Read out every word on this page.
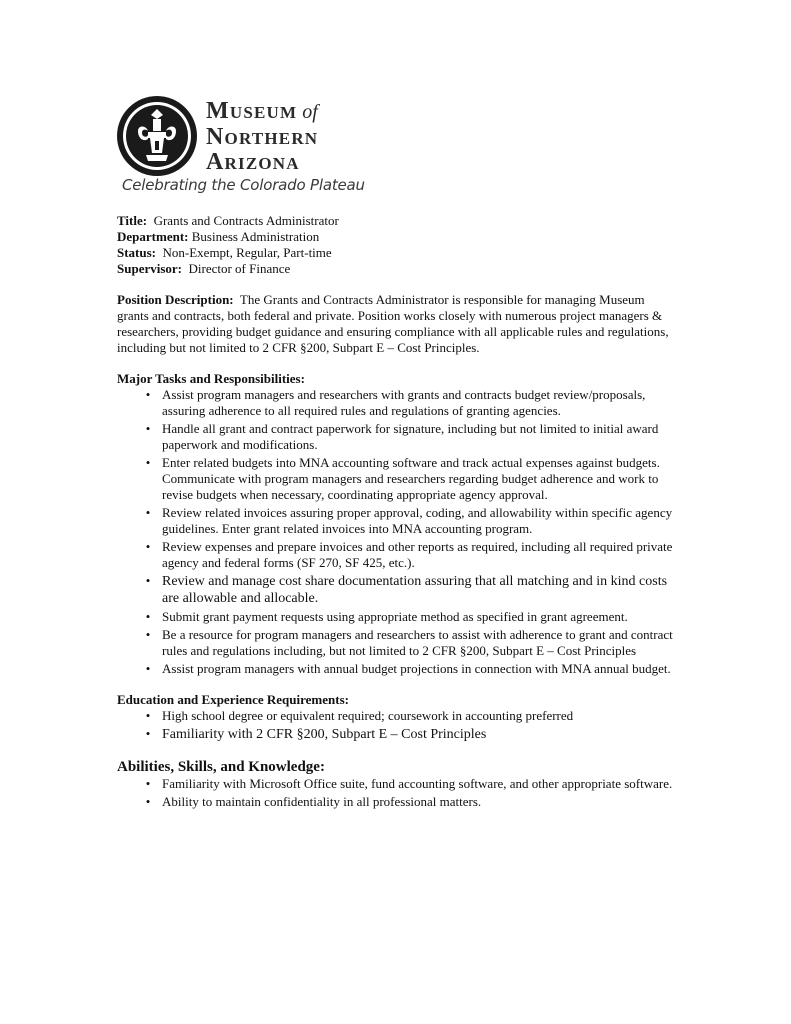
Museum of
Northern
Arizona
Celebrating the Colorado Plateau

Title: Grants and Contracts Administrator

Department: Business Administration

Status: Non-Exempt, Regular, Part-time

Supervisor: Director of Finance

Position Description: The Grants and Contracts Administrator is responsible for managing Museum grants and contracts, both federal and private. Position works closely with numerous project managers & researchers, providing budget guidance and ensuring compliance with all applicable rules and regulations, including but not limited to 2 CFR §200, Subpart E – Cost Principles.

Major Tasks and Responsibilities:

• Assist program managers and researchers with grants and contracts budget review/proposals, assuring adherence to all required rules and regulations of granting agencies.
• Handle all grant and contract paperwork for signature, including but not limited to initial award paperwork and modifications.
• Enter related budgets into MNA accounting software and track actual expenses against budgets. Communicate with program managers and researchers regarding budget adherence and work to revise budgets when necessary, coordinating appropriate agency approval.
• Review related invoices assuring proper approval, coding, and allowability within specific agency guidelines. Enter grant related invoices into MNA accounting program.
• Review expenses and prepare invoices and other reports as required, including all required private agency and federal forms (SF 270, SF 425, etc.).
• Review and manage cost share documentation assuring that all matching and in kind costs are allowable and allocable.
• Submit grant payment requests using appropriate method as specified in grant agreement.
• Be a resource for program managers and researchers to assist with adherence to grant and contract rules and regulations including, but not limited to 2 CFR §200, Subpart E – Cost Principles
• Assist program managers with annual budget projections in connection with MNA annual budget.

Education and Experience Requirements:

• High school degree or equivalent required; coursework in accounting preferred
• Familiarity with 2 CFR §200, Subpart E – Cost Principles

Abilities, Skills, and Knowledge:

• Familiarity with Microsoft Office suite, fund accounting software, and other appropriate software.
• Ability to maintain confidentiality in all professional matters.
